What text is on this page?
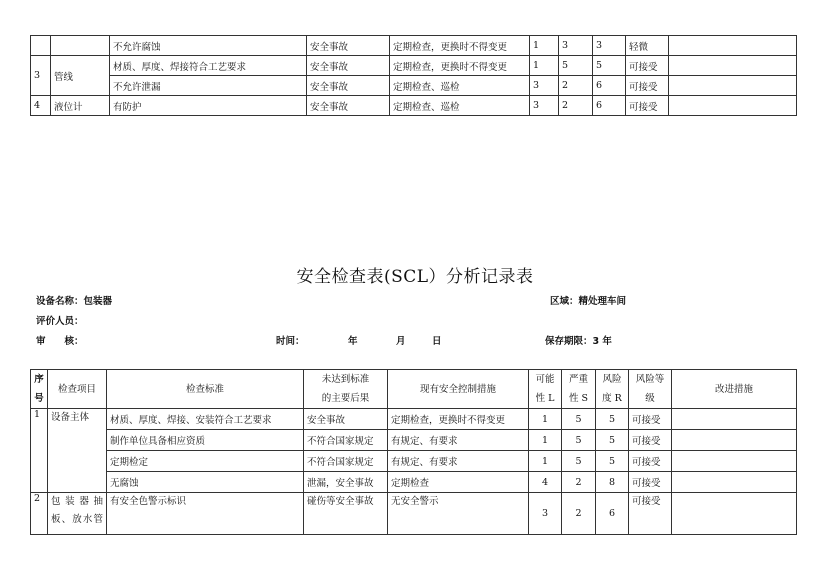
		不允许腐蚀	安全事故	定期检查，更换时不得变更	1	3	3	轻微	
3	管线	材质、厚度、焊接符合工艺要求	安全事故	定期检查，更换时不得变更	1	5	5	可接受	
		不允许泄漏	安全事故	定期检查、巡检	3	2	6	可接受	
4	液位计	有防护	安全事故	定期检查、巡检	3	2	6	可接受	
安全检查表(SCL）分析记录表
设备名称：包装器	区域：精处理车间
评价人员：
审　　核：	时间：	年	月	日	保存期限：3 年
序号	检查项目	检查标准	未达到标准的主要后果	现有安全控制措施	可能性 L	严重性 S	风险度 R	风险等级	改进措施
1	设备主体	材质、厚度、焊接、安装符合工艺要求	安全事故	定期检查，更换时不得变更	1	5	5	可接受	
		制作单位具备相应资质	不符合国家规定	有规定、有要求	1	5	5	可接受	
		定期检定	不符合国家规定	有规定、有要求	1	5	5	可接受	
		无腐蚀	泄漏，安全事故	定期检查	4	2	8	可接受	
2	包装器抽板、放水管	有安全色警示标识	碰伤等安全事故	无安全警示	3	2	6	可接受	
